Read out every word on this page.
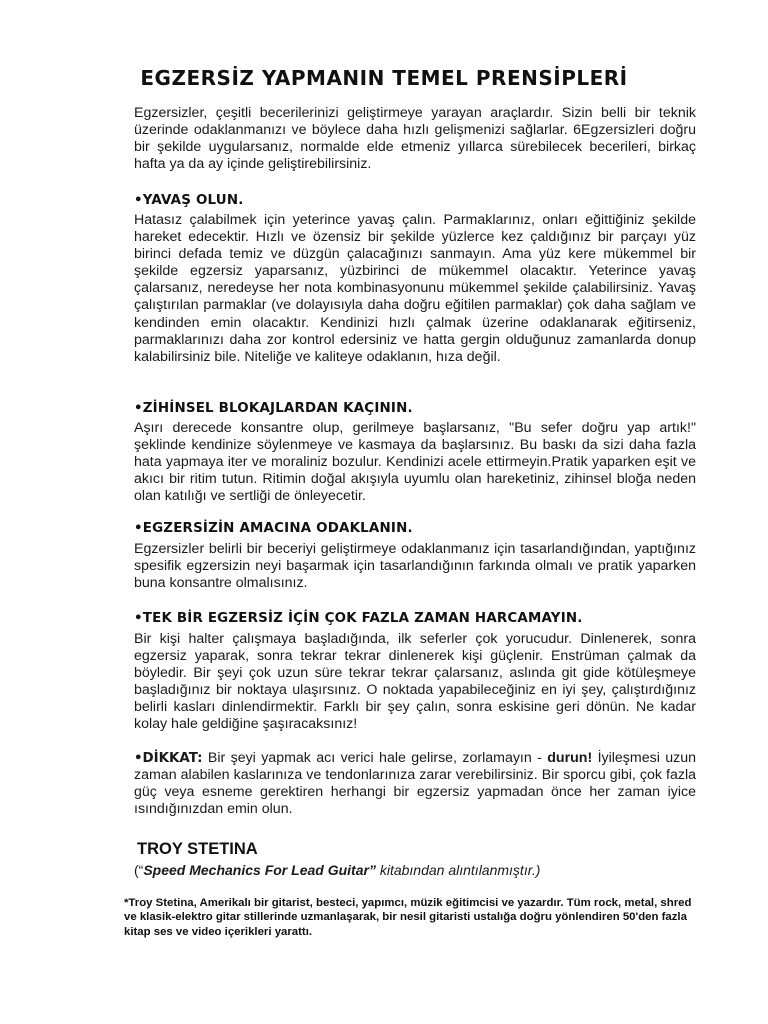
EGZERSİZ YAPMANIN TEMEL PRENSİPLERİ
Egzersizler, çeşitli becerilerinizi geliştirmeye yarayan araçlardır. Sizin belli bir teknik üzerinde odaklanmanızı ve böylece daha hızlı gelişmenizi sağlarlar. 6Egzersizleri doğru bir şekilde uygularsanız, normalde elde etmeniz yıllarca sürebilecek becerileri, birkaç hafta ya da ay içinde geliştirebilirsiniz.
•YAVAŞ OLUN.
Hatasız çalabilmek için yeterince yavaş çalın. Parmaklarınız, onları eğittiğiniz şekilde hareket edecektir. Hızlı ve özensiz bir şekilde yüzlerce kez çaldığınız bir parçayı yüz birinci defada temiz ve düzgün çalacağınızı sanmayın. Ama yüz kere mükemmel bir şekilde egzersiz yaparsanız, yüzbirinci de mükemmel olacaktır. Yeterince yavaş çalarsanız, neredeyse her nota kombinasyonunu mükemmel şekilde çalabilirsiniz. Yavaş çalıştırılan parmaklar (ve dolayısıyla daha doğru eğitilen parmaklar) çok daha sağlam ve kendinden emin olacaktır. Kendinizi hızlı çalmak üzerine odaklanarak eğitirseniz, parmaklarınızı daha zor kontrol edersiniz ve hatta gergin olduğunuz zamanlarda donup kalabilirsiniz bile. Niteliğe ve kaliteye odaklanın, hıza değil.
•ZİHİNSEL BLOKAJLARDAN KAÇININ.
Aşırı derecede konsantre olup, gerilmeye başlarsanız, "Bu sefer doğru yap artık!" şeklinde kendinize söylenmeye ve kasmaya da başlarsınız. Bu baskı da sizi daha fazla hata yapmaya iter ve moraliniz bozulur. Kendinizi acele ettirmeyin.Pratik yaparken eşit ve akıcı bir ritim tutun. Ritimin doğal akışıyla uyumlu olan hareketiniz, zihinsel bloğa neden olan katılığı ve sertliği de önleyecetir.
•EGZERSİZİN AMACINA ODAKLANIN.
Egzersizler belirli bir beceriyi geliştirmeye odaklanmanız için tasarlandığından, yaptığınız spesifik egzersizin neyi başarmak için tasarlandığının farkında olmalı ve pratik yaparken buna konsantre olmalısınız.
•TEK BİR EGZERSİZ İÇİN ÇOK FAZLA ZAMAN HARCAMAYIN.
Bir kişi halter çalışmaya başladığında, ilk seferler çok yorucudur. Dinlenerek, sonra egzersiz yaparak, sonra tekrar tekrar dinlenerek kişi güçlenir. Enstrüman çalmak da böyledir. Bir şeyi çok uzun süre tekrar tekrar çalarsanız, aslında git gide kötüleşmeye başladığınız bir noktaya ulaşırsınız. O noktada yapabileceğiniz en iyi şey, çalıştırdığınız belirli kasları dinlendirmektir. Farklı bir şey çalın, sonra eskisine geri dönün. Ne kadar kolay hale geldiğine şaşıracaksınız!
•DİKKAT: Bir şeyi yapmak acı verici hale gelirse, zorlamayın - durun! İyileşmesi uzun zaman alabilen kaslarınıza ve tendonlarınıza zarar verebilirsiniz. Bir sporcu gibi, çok fazla güç veya esneme gerektiren herhangi bir egzersiz yapmadan önce her zaman iyice ısındığınızdan emin olun.
TROY STETINA
(“Speed Mechanics For Lead Guitar” kitabından alıntılanmıştır.)
*Troy Stetina, Amerikalı bir gitarist, besteci, yapımcı, müzik eğitimcisi ve yazardır. Tüm rock, metal, shred ve klasik-elektro gitar stillerinde uzmanlaşarak, bir nesil gitaristi ustalığa doğru yönlendiren 50'den fazla kitap ses ve video içerikleri yarattı.
